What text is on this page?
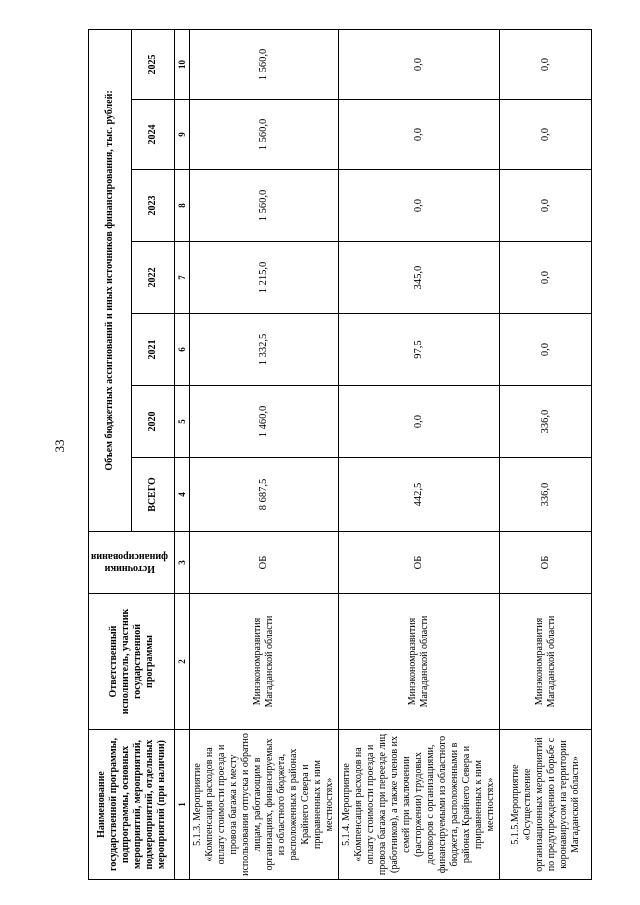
33
Наименование государственной программы, подпрограммы, основных мероприятий, мероприятий, подмероприятий, отдельных мероприятий (при наличии)	Ответственный исполнитель, участник государственной программы	Источники финансирования	Объем бюджетных ассигнований и иных источников финансирования, тыс. рублей:						
			ВСЕГО	2020	2021	2022	2023	2024	2025
1	2	3	4	5	6	7	8	9	10
5.1.3. Мероприятие «Компенсация расходов на оплату стоимости проезда и провоза багажа к месту использования отпуска и обратно лицам, работающим в организациях, финансируемых из областного бюджета, расположенных в районах Крайнего Севера и приравненных к ним местностях»	Минэкономразвития Магаданской области	ОБ	8 687,5	1 460,0	1 332,5	1 215,0	1 560,0	1 560,0	1 560,0
5.1.4. Мероприятие «Компенсация расходов на оплату стоимости проезда и провоза багажа при переезде лиц (работников), а также членов их семей при заключении (расторжении) трудовых договоров с организациями, финансируемыми из областного бюджета, расположенными в районах Крайнего Севера и приравненных к ним местностях»	Минэкономразвития Магаданской области	ОБ	442,5	0,0	97,5	345,0	0,0	0,0	0,0
5.1.5.Мероприятие «Осуществление организационных мероприятий по предупреждению и борьбе с коронавирусом на территории Магаданской области»	Минэкономразвития Магаданской области	ОБ	336,0	336,0	0,0	0,0	0,0	0,0	0,0
